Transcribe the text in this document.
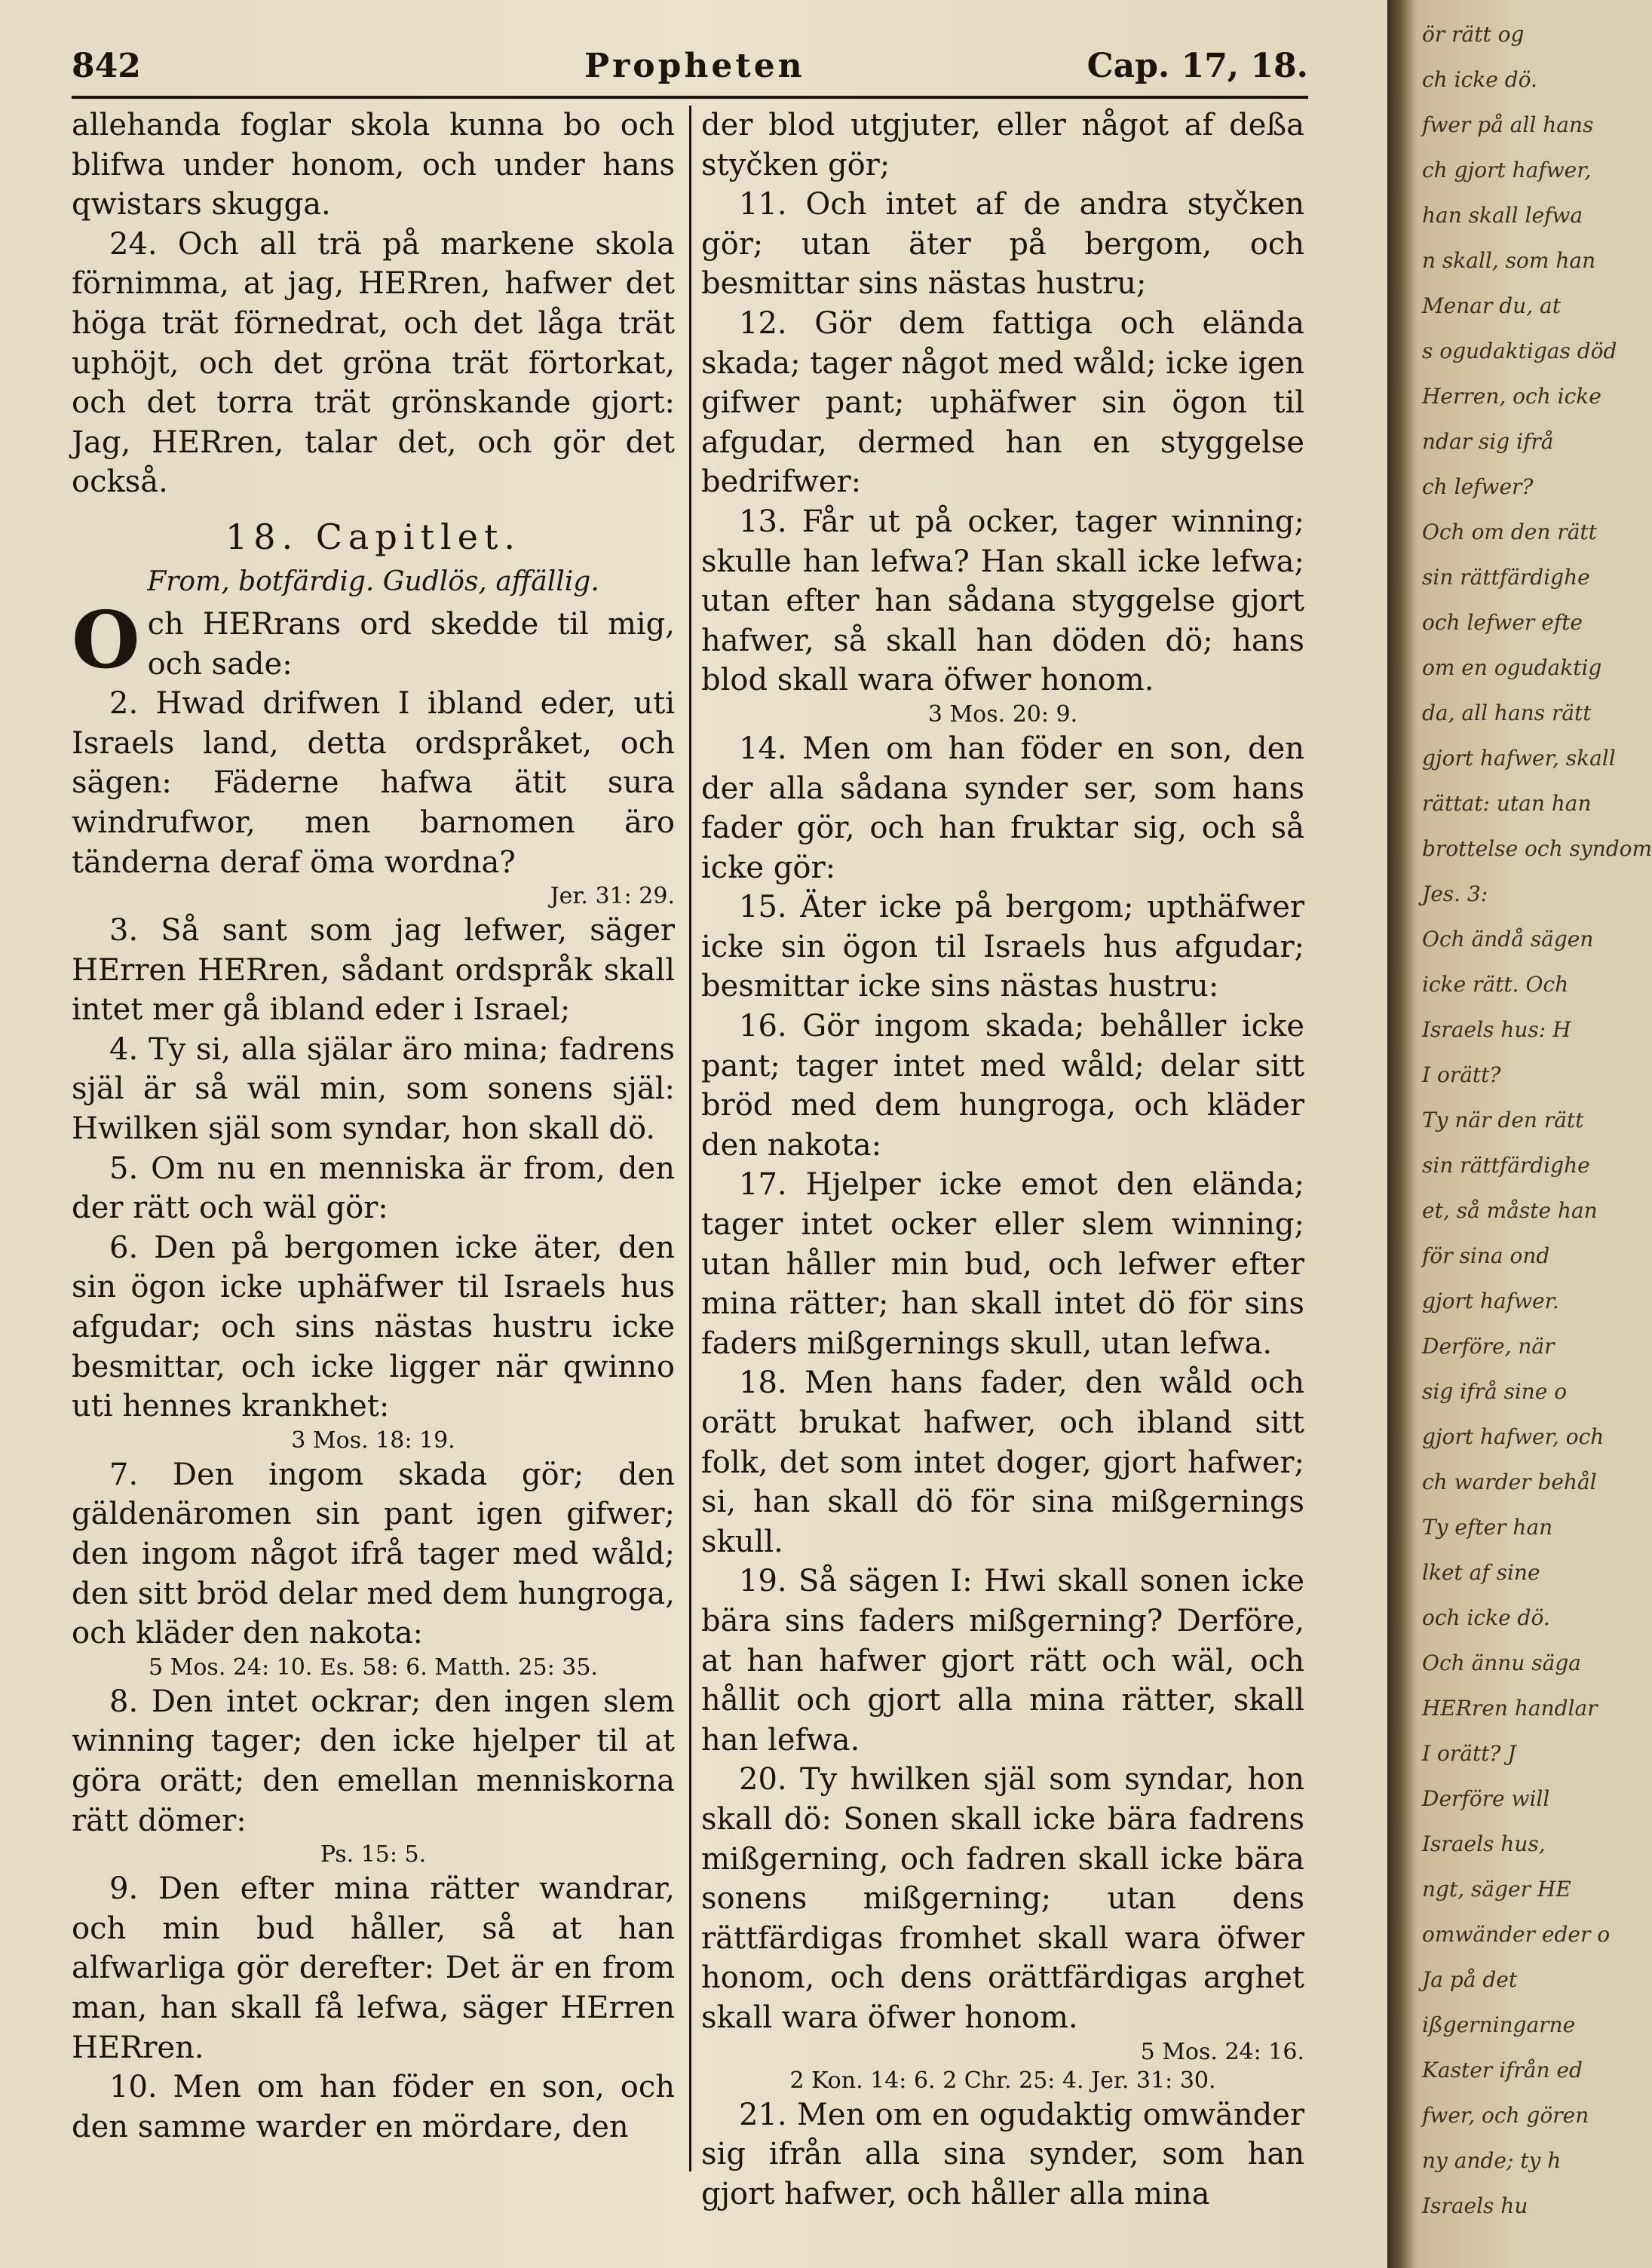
842	Propheten	Cap. 17, 18.

allehanda foglar skola kunna bo och blifwa under honom, och under hans qwistars skugga.

24. Och all trä på markene skola förnimma, at jag, HERren, hafwer det höga trät förnedrat, och det låga trät uphöjt, och det gröna trät förtorkat, och det torra trät grönskande gjort: Jag, HERren, talar det, och gör det också.

18. Capitlet.
From, botfärdig. Gudlös, affällig.

Och HERrans ord skedde til mig, och sade:

2. Hwad drifwen I ibland eder, uti Israels land, detta ordspråket, och sägen: Fäderne hafwa ätit sura windrufwor, men barnomen äro tänderna deraf öma wordna?

Jer. 31: 29.

3. Så sant som jag lefwer, säger HErren HERren, sådant ordspråk skall intet mer gå ibland eder i Israel;

4. Ty si, alla själar äro mina; fadrens själ är så wäl min, som sonens själ: Hwilken själ som syndar, hon skall dö.

5. Om nu en menniska är from, den der rätt och wäl gör:

6. Den på bergomen icke äter, den sin ögon icke uphäfwer til Israels hus afgudar; och sins nästas hustru icke besmittar, och icke ligger när qwinno uti hennes krankhet:

3 Mos. 18: 19.

7. Den ingom skada gör; den gäldenäromen sin pant igen gifwer; den ingom något ifrå tager med wåld; den sitt bröd delar med dem hungroga, och kläder den nakota:

5 Mos. 24: 10. Es. 58: 6. Matth. 25: 35.

8. Den intet ockrar; den ingen slem winning tager; den icke hjelper til at göra orätt; den emellan menniskorna rätt dömer:

Ps. 15: 5.

9. Den efter mina rätter wandrar, och min bud håller, så at han alfwarliga gör derefter: Det är en from man, han skall få lefwa, säger HErren HERren.

10. Men om han föder en son, och den samme warder en mördare, den

der blod utgjuter, eller något af deßa styčken gör;

11. Och intet af de andra styčken gör; utan äter på bergom, och besmittar sins nästas hustru;

12. Gör dem fattiga och elända skada; tager något med wåld; icke igen gifwer pant; uphäfwer sin ögon til afgudar, dermed han en styggelse bedrifwer:

13. Får ut på ocker, tager winning; skulle han lefwa? Han skall icke lefwa; utan efter han sådana styggelse gjort hafwer, så skall han döden dö; hans blod skall wara öfwer honom.

3 Mos. 20: 9.

14. Men om han föder en son, den der alla sådana synder ser, som hans fader gör, och han fruktar sig, och så icke gör:

15. Äter icke på bergom; upthäfwer icke sin ögon til Israels hus afgudar; besmittar icke sins nästas hustru:

16. Gör ingom skada; behåller icke pant; tager intet med wåld; delar sitt bröd med dem hungroga, och kläder den nakota:

17. Hjelper icke emot den elända; tager intet ocker eller slem winning; utan håller min bud, och lefwer efter mina rätter; han skall intet dö för sins faders mißgernings skull, utan lefwa.

18. Men hans fader, den wåld och orätt brukat hafwer, och ibland sitt folk, det som intet doger, gjort hafwer; si, han skall dö för sina mißgernings skull.

19. Så sägen I: Hwi skall sonen icke bära sins faders mißgerning? Derföre, at han hafwer gjort rätt och wäl, och hållit och gjort alla mina rätter, skall han lefwa.

20. Ty hwilken själ som syndar, hon skall dö: Sonen skall icke bära fadrens mißgerning, och fadren skall icke bära sonens mißgerning; utan dens rättfärdigas fromhet skall wara öfwer honom, och dens orättfärdigas arghet skall wara öfwer honom.

5 Mos. 24: 16.

2 Kon. 14: 6. 2 Chr. 25: 4. Jer. 31: 30.

21. Men om en ogudaktig omwänder sig ifrån alla sina synder, som han gjort hafwer, och håller alla mina

ör rätt og
ch icke dö.
fwer på all hans
ch gjort hafwer,
han skall lefwa
n skall, som han
Menar du, at
s ogudaktigas död
Herren, och icke
ndar sig ifrå
ch lefwer?
Och om den rätt
sin rättfärdighe
och lefwer efte
om en ogudaktig
da, all hans rätt
gjort hafwer, skall
rättat: utan han
brottelse och syndom
Jes. 3:
Och ändå sägen
icke rätt. Och
Israels hus: H
I orätt?
Ty när den rätt
sin rättfärdighe
et, så måste han
för sina ond
gjort hafwer.
Derföre, när
sig ifrå sine o
gjort hafwer, och
ch warder behål
Ty efter han
lket af sine
och icke dö.
Och ännu säga
HERren handlar
I orätt? J
Derföre will
Israels hus,
ngt, säger HE
omwänder eder o
Ja på det
ißgerningarne
Kaster ifrån ed
fwer, och gören
ny ande; ty h
Israels hu
